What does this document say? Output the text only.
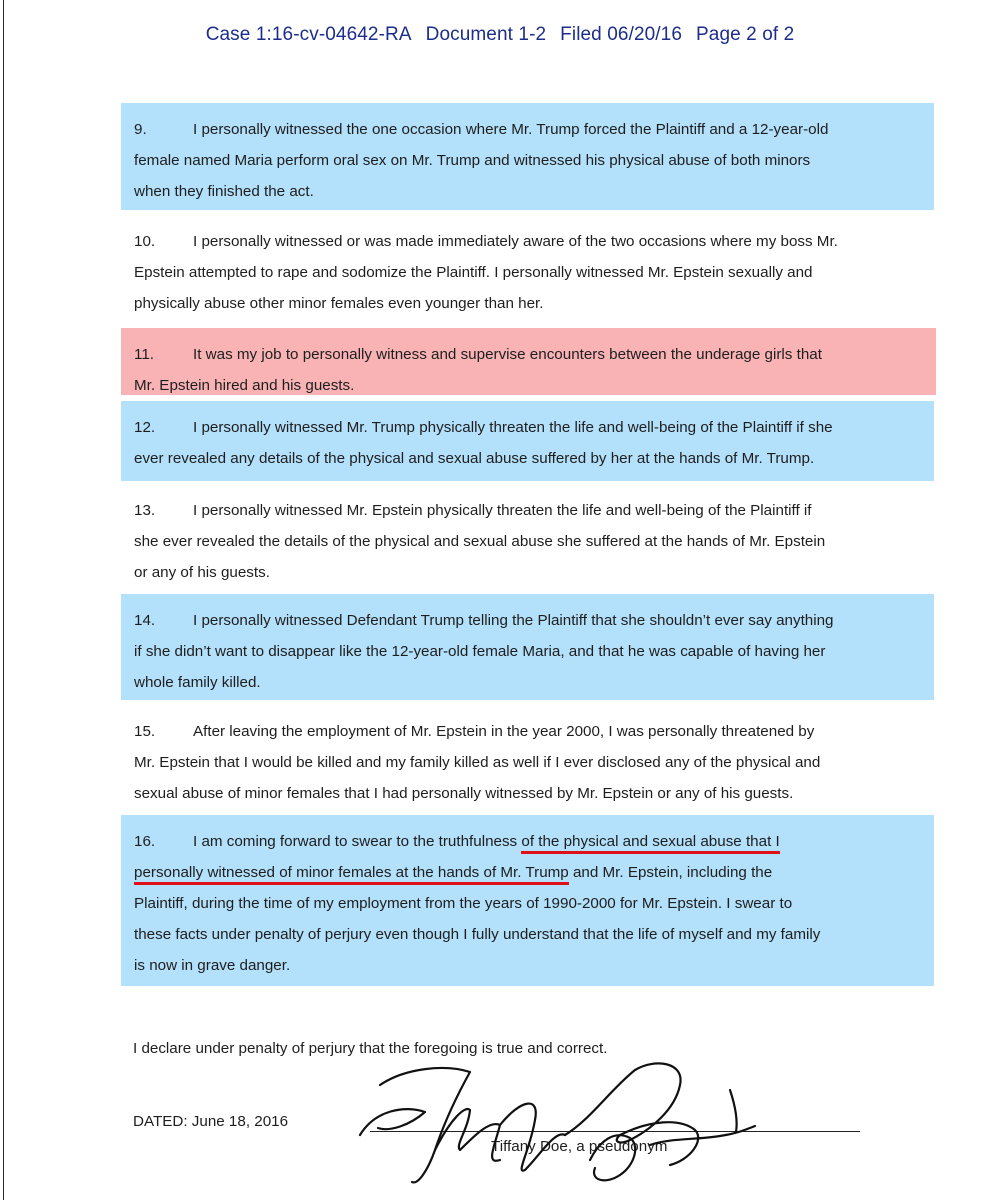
Case 1:16-cv-04642-RA Document 1-2 Filed 06/20/16 Page 2 of 2
9.	I personally witnessed the one occasion where Mr. Trump forced the Plaintiff and a 12-year-old
female named Maria perform oral sex on Mr. Trump and witnessed his physical abuse of both minors
when they finished the act.
10. I personally witnessed or was made immediately aware of the two occasions where my boss Mr.
Epstein attempted to rape and sodomize the Plaintiff. I personally witnessed Mr. Epstein sexually and
physically abuse other minor females even younger than her.
11.	It was my job to personally witness and supervise encounters between the underage girls that
Mr. Epstein hired and his guests.
12. I personally witnessed Mr. Trump physically threaten the life and well-being of the Plaintiff if she
ever revealed any details of the physical and sexual abuse suffered by her at the hands of Mr. Trump.
13. I personally witnessed Mr. Epstein physically threaten the life and well-being of the Plaintiff if
she ever revealed the details of the physical and sexual abuse she suffered at the hands of Mr. Epstein
or any of his guests.
14. I personally witnessed Defendant Trump telling the Plaintiff that she shouldn’t ever say anything
if she didn’t want to disappear like the 12-year-old female Maria, and that he was capable of having her
whole family killed.
15. After leaving the employment of Mr. Epstein in the year 2000, I was personally threatened by
Mr. Epstein that I would be killed and my family killed as well if I ever disclosed any of the physical and
sexual abuse of minor females that I had personally witnessed by Mr. Epstein or any of his guests.
16. I am coming forward to swear to the truthfulness of the physical and sexual abuse that I
personally witnessed of minor females at the hands of Mr. Trump and Mr. Epstein, including the
Plaintiff, during the time of my employment from the years of 1990-2000 for Mr. Epstein. I swear to
these facts under penalty of perjury even though I fully understand that the life of myself and my family
is now in grave danger.
I declare under penalty of perjury that the foregoing is true and correct.
DATED: June 18, 2016
Tiffany Doe, a pseudonym
